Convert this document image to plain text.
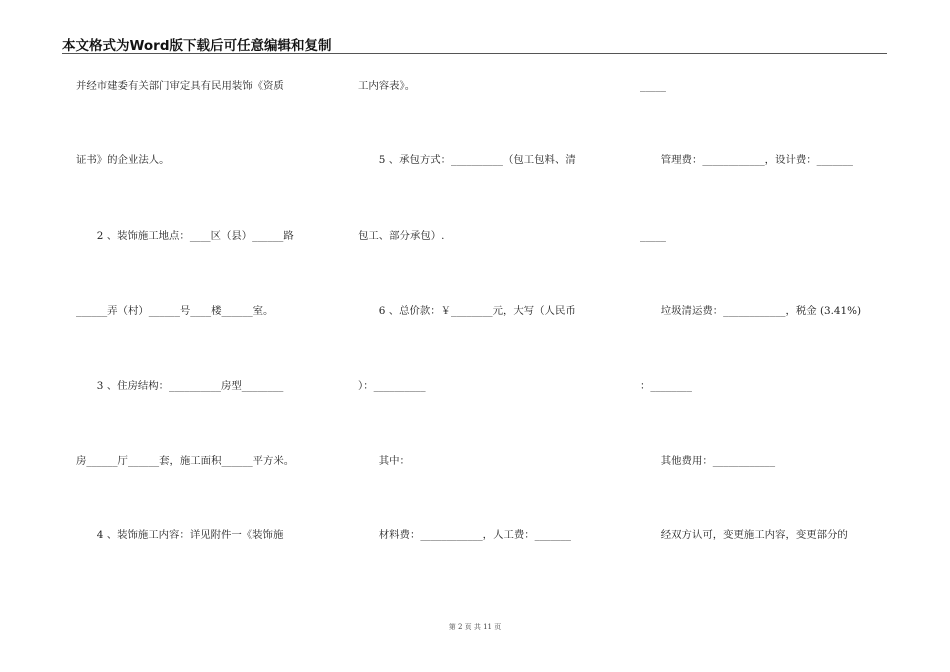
本文格式为Word版下载后可任意编辑和复制
并经市建委有关部门审定具有民用装饰《资质
证书》的企业法人。
　　2 、装饰施工地点：____区（县）______路
______弄（村）______号____楼______室。
　　3 、住房结构：__________房型________
房______厅______套，施工面积______平方米。
　　4 、装饰施工内容：详见附件一《装饰施
工内容表》。
　　5 、承包方式：__________（包工包料、清
包工、部分承包）.
　　6 、总价款：￥________元，大写（人民币
）：__________
　　其中：
　　材料费：____________，人工费：_______
_____
　　管理费：____________，设计费：_______
_____
　　垃圾清运费：____________，税金 (3.41%)
：________
　　其他费用：____________
　　经双方认可，变更施工内容，变更部分的
第 2 页 共 11 页
